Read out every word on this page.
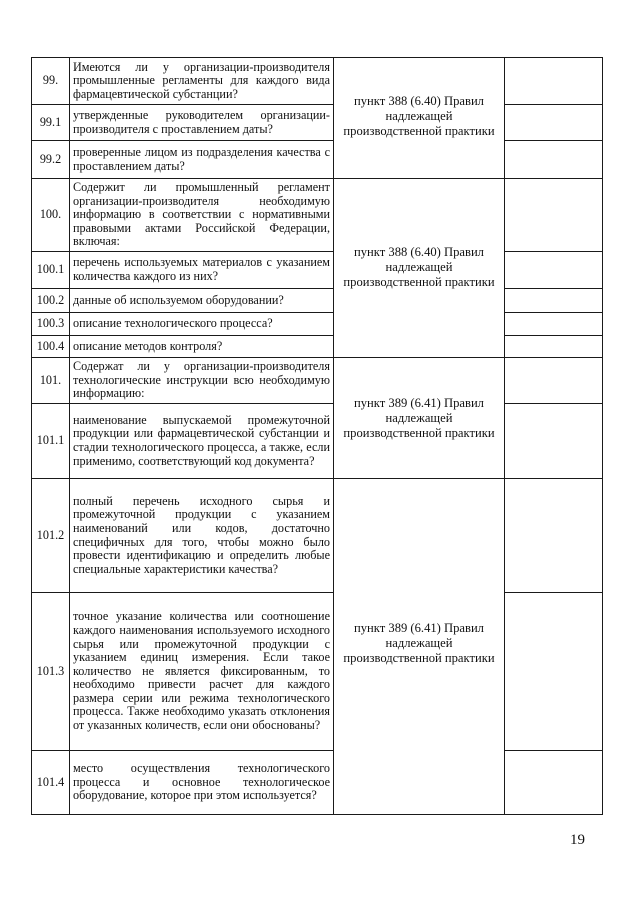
99.	Имеются ли у организации-производителя промышленные регламенты для каждого вида фармацевтической субстанции?	пункт 388 (6.40) Правил надлежащей производственной практики	

99.1	утвержденные руководителем организации-производителя с проставлением даты?		

99.2	проверенные лицом из подразделения качества с проставлением даты?		

100.	Содержит ли промышленный регламент организации-производителя необходимую информацию в соответствии с нормативными правовыми актами Российской Федерации, включая:	пункт 388 (6.40) Правил надлежащей производственной практики	

100.1	перечень используемых материалов с указанием количества каждого из них?		

100.2	данные об используемом оборудовании?		

100.3	описание технологического процесса?		

100.4	описание методов контроля?		

101.	Содержат ли у организации-производителя технологические инструкции всю необходимую информацию:	пункт 389 (6.41) Правил надлежащей производственной практики	

101.1	наименование выпускаемой промежуточной продукции или фармацевтической субстанции и стадии технологического процесса, а также, если применимо, соответствующий код документа?		

101.2	полный перечень исходного сырья и промежуточной продукции с указанием наименований или кодов, достаточно специфичных для того, чтобы можно было провести идентификацию и определить любые специальные характеристики качества?	пункт 389 (6.41) Правил надлежащей производственной практики	

101.3	точное указание количества или соотношение каждого наименования используемого исходного сырья или промежуточной продукции с указанием единиц измерения. Если такое количество не является фиксированным, то необходимо привести расчет для каждого размера серии или режима технологического процесса. Также необходимо указать отклонения от указанных количеств, если они обоснованы?		

101.4	место осуществления технологического процесса и основное технологическое оборудование, которое при этом используется?		

19
